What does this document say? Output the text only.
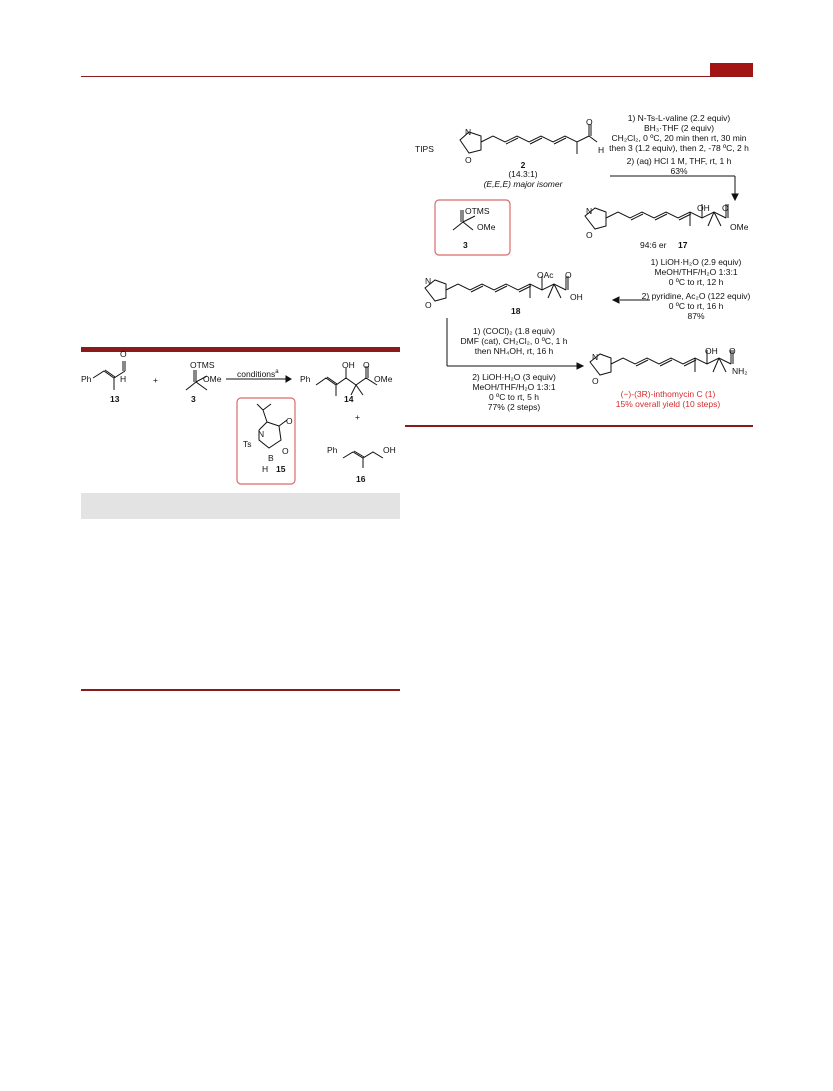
Ph	H
O
13
+
OTMS
OMe
3
conditions$^a$
Ph
OH O
OMe
14
+
Ts
N
B
H
O
O
15
Ph	OH
16
N
TIPS
O
O
H
2
(14.3:1)
(E,E,E) major isomer
1) N-Ts-L-valine (2.2 equiv)
BH₃·THF (2 equiv)
CH₂Cl₂, 0 ºC, 20 min then rt, 30 min
then 3 (1.2 equiv), then 2, -78 ºC, 2 h
2) (aq) HCl 1 M, THF, rt, 1 h
63%
OTMS
OMe
3
N
O
OH O
OMe
94:6 er 17
1) LiOH·H₂O (2.9 equiv)
MeOH/THF/H₂O 1:3:1
0 ºC to rt, 12 h
2) pyridine, Ac₂O (122 equiv)
0 ºC to rt, 16 h
87%
N
O
OAc O
OH
18
1) (COCl)₂ (1.8 equiv)
DMF (cat), CH₂Cl₂, 0 ºC, 1 h
then NH₄OH, rt, 16 h
2) LiOH·H₂O (3 equiv)
MeOH/THF/H₂O 1:3:1
0 ºC to rt, 5 h
77% (2 steps)
N
O
OH O
NH₂
(−)-(3R)-inthomycin C (1)
15% overall yield (10 steps)
